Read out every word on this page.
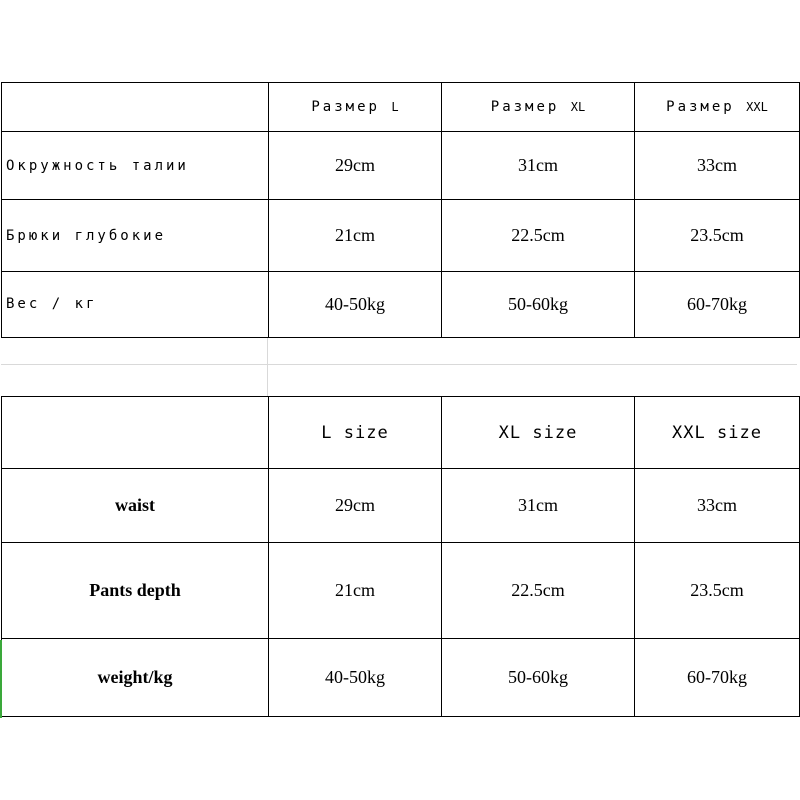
	Размер L	Размер XL	Размер XXL
Окружность талии	29cm	31cm	33cm
Брюки глубокие	21cm	22.5cm	23.5cm
Вес / кг	40-50kg	50-60kg	60-70kg
	L size	XL size	XXL size
waist	29cm	31cm	33cm
Pants depth	21cm	22.5cm	23.5cm
weight/kg	40-50kg	50-60kg	60-70kg
